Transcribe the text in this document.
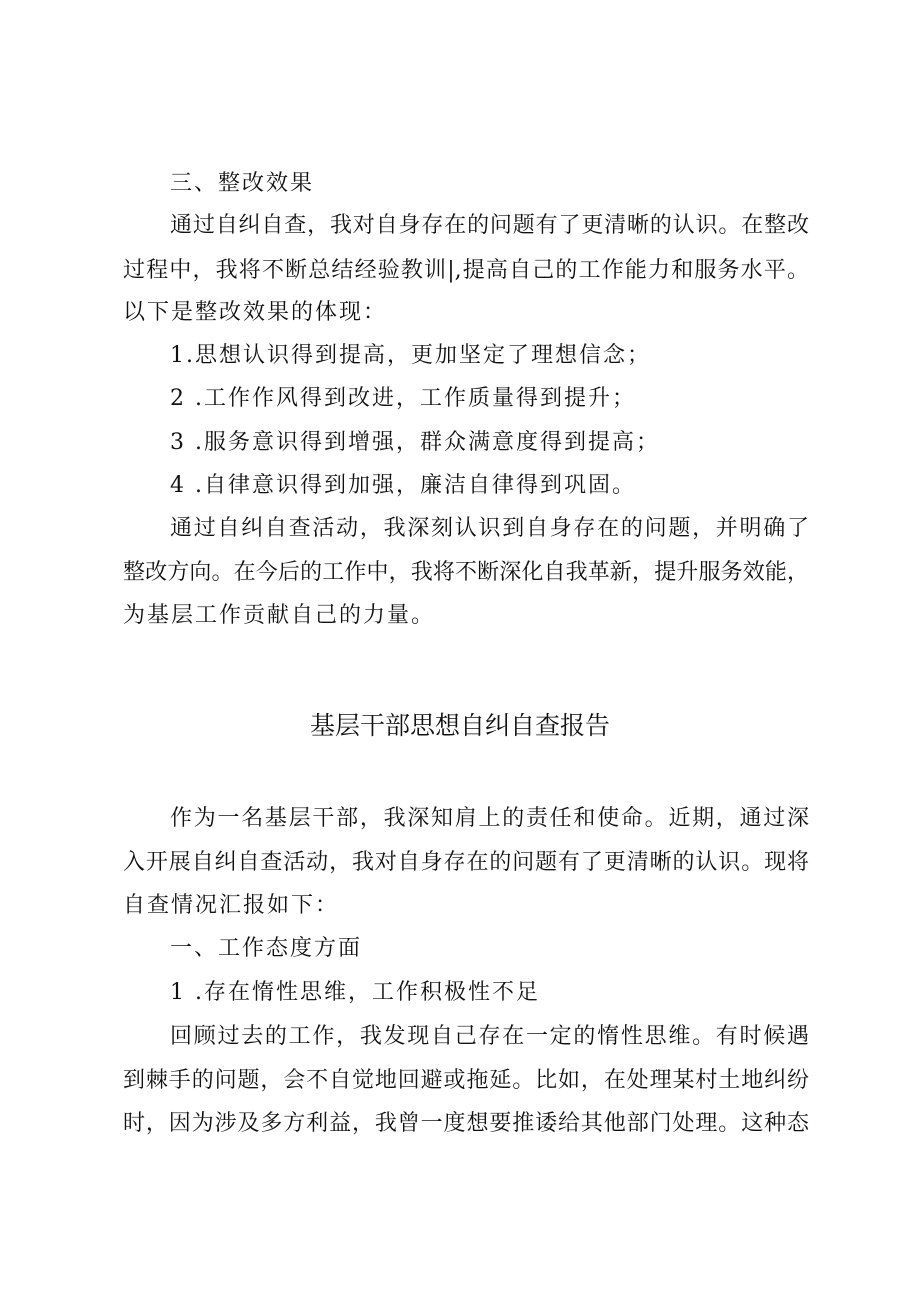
三、整改效果
通过自纠自查，我对自身存在的问题有了更清晰的认识。在整改
过程中，我将不断总结经验教训|,提高自己的工作能力和服务水平。
以下是整改效果的体现：
1.思想认识得到提高，更加坚定了理想信念；
2 .工作作风得到改进，工作质量得到提升；
3 .服务意识得到增强，群众满意度得到提高；
4 .自律意识得到加强，廉洁自律得到巩固。
通过自纠自查活动，我深刻认识到自身存在的问题，并明确了
整改方向。在今后的工作中，我将不断深化自我革新，提升服务效能，
为基层工作贡献自己的力量。
基层干部思想自纠自查报告
作为一名基层干部，我深知肩上的责任和使命。近期，通过深
入开展自纠自查活动，我对自身存在的问题有了更清晰的认识。现将
自查情况汇报如下：
一、工作态度方面
1 .存在惰性思维，工作积极性不足
回顾过去的工作，我发现自己存在一定的惰性思维。有时候遇
到棘手的问题，会不自觉地回避或拖延。比如，在处理某村土地纠纷
时，因为涉及多方利益，我曾一度想要推诿给其他部门处理。这种态
